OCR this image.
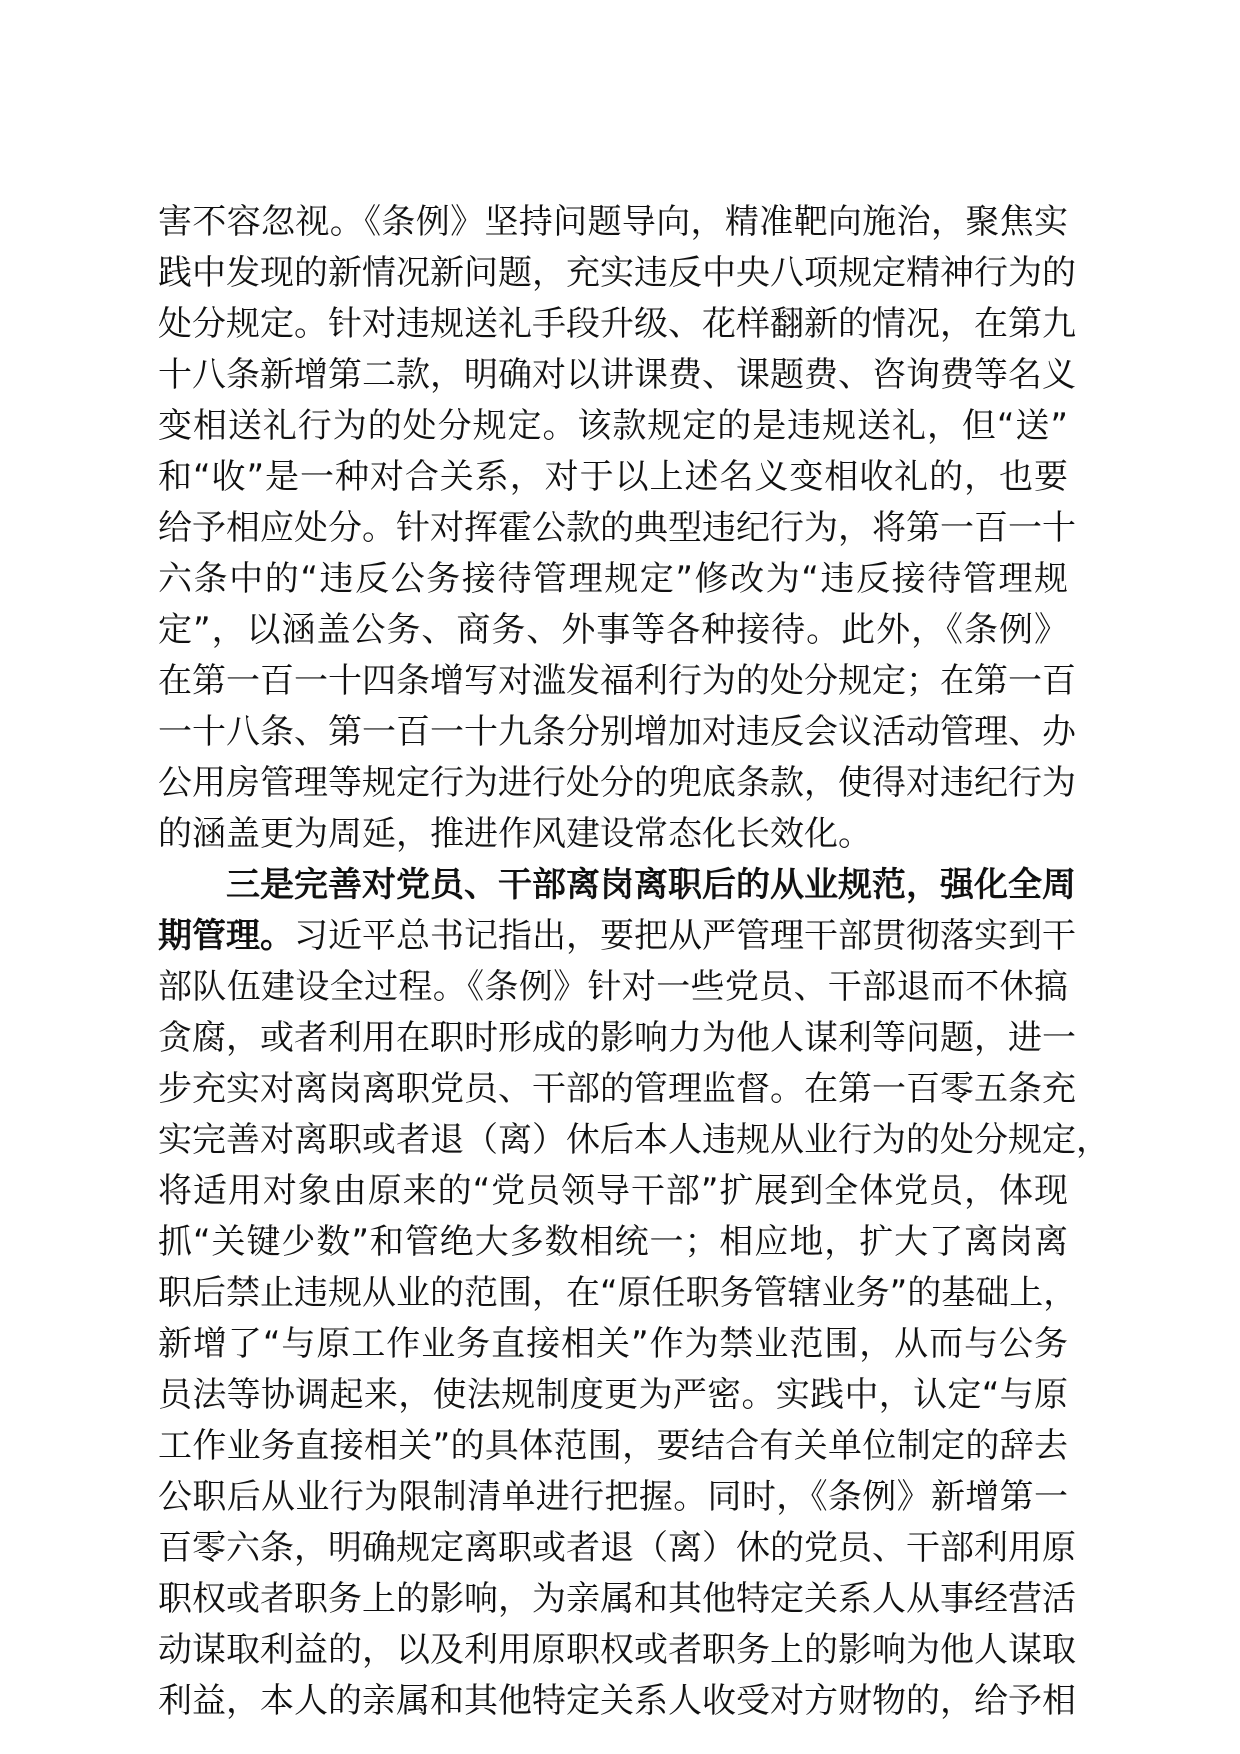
害不容忽视。《条例》坚持问题导向，精准靶向施治，聚焦实
践中发现的新情况新问题，充实违反中央八项规定精神行为的
处分规定。针对违规送礼手段升级、花样翻新的情况，在第九
十八条新增第二款，明确对以讲课费、课题费、咨询费等名义
变相送礼行为的处分规定。该款规定的是违规送礼，但“送”
和“收”是一种对合关系，对于以上述名义变相收礼的，也要
给予相应处分。针对挥霍公款的典型违纪行为，将第一百一十
六条中的“违反公务接待管理规定”修改为“违反接待管理规
定”，以涵盖公务、商务、外事等各种接待。此外，《条例》
在第一百一十四条增写对滥发福利行为的处分规定；在第一百
一十八条、第一百一十九条分别增加对违反会议活动管理、办
公用房管理等规定行为进行处分的兜底条款，使得对违纪行为
的涵盖更为周延，推进作风建设常态化长效化。
三是完善对党员、干部离岗离职后的从业规范，强化全周
期管理。习近平总书记指出，要把从严管理干部贯彻落实到干
部队伍建设全过程。《条例》针对一些党员、干部退而不休搞
贪腐，或者利用在职时形成的影响力为他人谋利等问题，进一
步充实对离岗离职党员、干部的管理监督。在第一百零五条充
实完善对离职或者退（离）休后本人违规从业行为的处分规定，
将适用对象由原来的“党员领导干部”扩展到全体党员，体现
抓“关键少数”和管绝大多数相统一；相应地，扩大了离岗离
职后禁止违规从业的范围，在“原任职务管辖业务”的基础上，
新增了“与原工作业务直接相关”作为禁业范围，从而与公务
员法等协调起来，使法规制度更为严密。实践中，认定“与原
工作业务直接相关”的具体范围，要结合有关单位制定的辞去
公职后从业行为限制清单进行把握。同时，《条例》新增第一
百零六条，明确规定离职或者退（离）休的党员、干部利用原
职权或者职务上的影响，为亲属和其他特定关系人从事经营活
动谋取利益的，以及利用原职权或者职务上的影响为他人谋取
利益，本人的亲属和其他特定关系人收受对方财物的，给予相
